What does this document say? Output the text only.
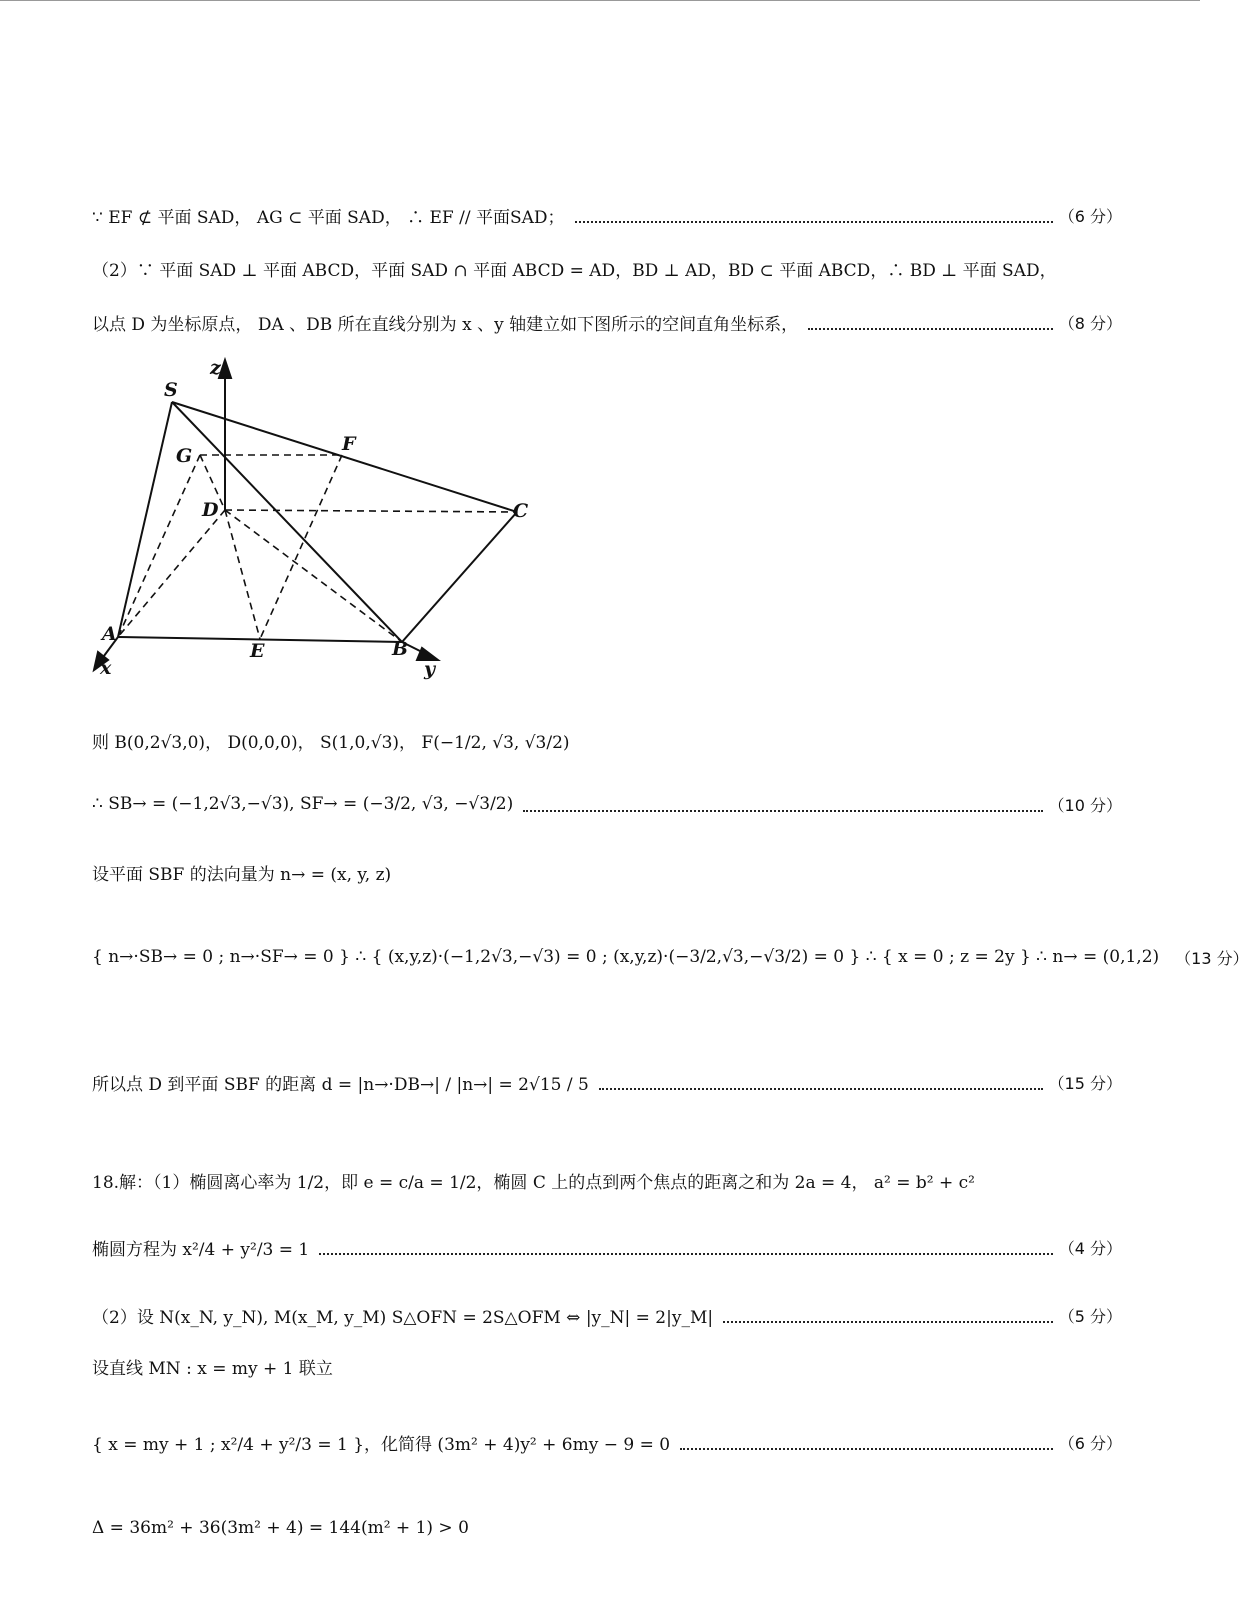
∵ EF ⊄ 平面 SAD， AG ⊂ 平面 SAD， ∴ EF // 平面SAD；	（6 分）
（2）∵ 平面 SAD ⊥ 平面 ABCD，平面 SAD ∩ 平面 ABCD = AD，BD ⊥ AD，BD ⊂ 平面 ABCD，∴ BD ⊥ 平面 SAD，
以点 D 为坐标原点， DA 、DB 所在直线分别为 x 、y 轴建立如下图所示的空间直角坐标系，	（8 分）
S
G
F
D	C
A
E	B
x	y
z
则 B(0,2√3,0)， D(0,0,0)， S(1,0,√3)， F(−1/2, √3, √3/2)
∴ SB→ = (−1,2√3,−√3), SF→ = (−3/2, √3, −√3/2)	（10 分）
设平面 SBF 的法向量为 n→ = (x, y, z)
{ n→·SB→ = 0 ; n→·SF→ = 0 } ∴ { (x,y,z)·(−1,2√3,−√3) = 0 ; (x,y,z)·(−3/2,√3,−√3/2) = 0 } ∴ { x = 0 ; z = 2y } ∴ n→ = (0,1,2) （13 分）
所以点 D 到平面 SBF 的距离 d = |n→·DB→| / |n→| = 2√15 / 5	（15 分）
18.解：（1）椭圆离心率为 1/2，即 e = c/a = 1/2，椭圆 C 上的点到两个焦点的距离之和为 2a = 4， a² = b² + c²
椭圆方程为 x²/4 + y²/3 = 1	（4 分）
（2）设 N(x_N, y_N), M(x_M, y_M) S△OFN = 2S△OFM ⇔ |y_N| = 2|y_M|	（5 分）
设直线 MN : x = my + 1 联立
{ x = my + 1 ; x²/4 + y²/3 = 1 }，化简得 (3m² + 4)y² + 6my − 9 = 0	（6 分）
Δ = 36m² + 36(3m² + 4) = 144(m² + 1) > 0
